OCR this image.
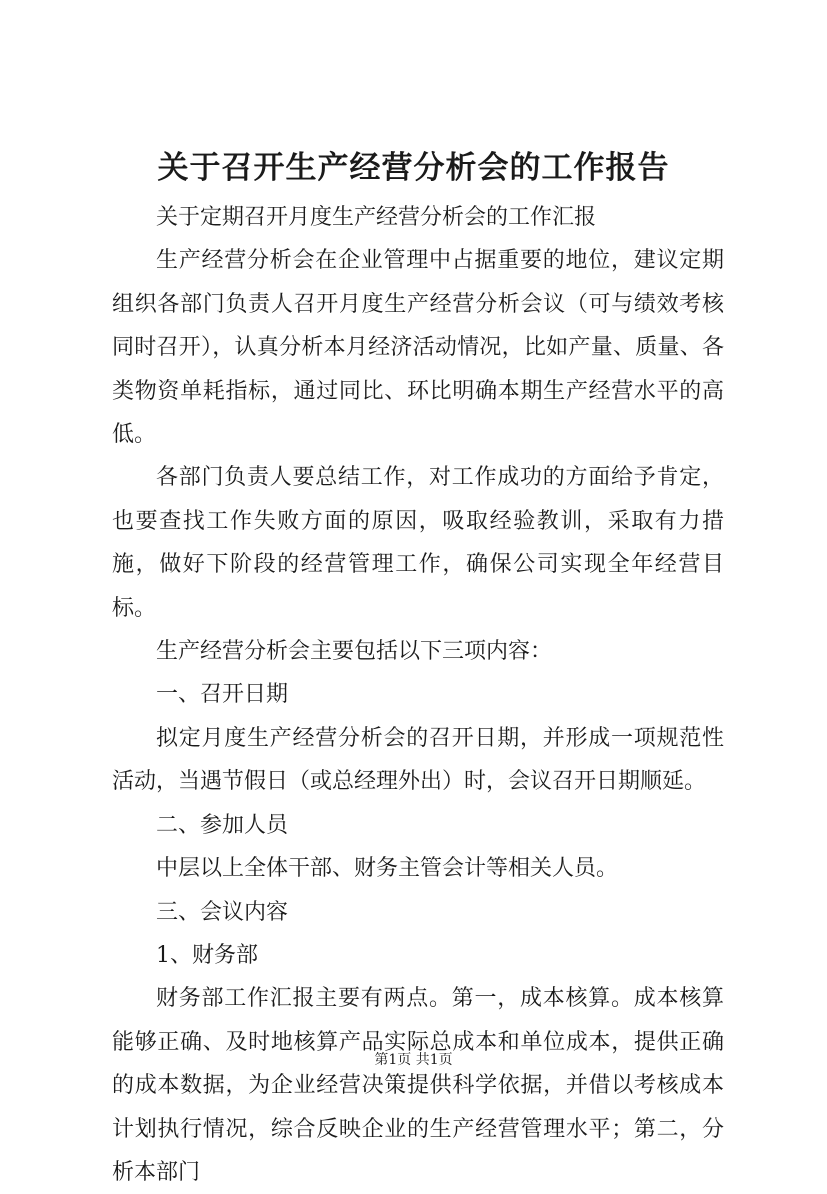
关于召开生产经营分析会的工作报告

关于定期召开月度生产经营分析会的工作汇报

生产经营分析会在企业管理中占据重要的地位，建议定期组织各部门负责人召开月度生产经营分析会议（可与绩效考核同时召开），认真分析本月经济活动情况，比如产量、质量、各类物资单耗指标，通过同比、环比明确本期生产经营水平的高低。

各部门负责人要总结工作，对工作成功的方面给予肯定，也要查找工作失败方面的原因，吸取经验教训，采取有力措施，做好下阶段的经营管理工作，确保公司实现全年经营目标。

生产经营分析会主要包括以下三项内容：

一、召开日期

拟定月度生产经营分析会的召开日期，并形成一项规范性活动，当遇节假日（或总经理外出）时，会议召开日期顺延。

二、参加人员

中层以上全体干部、财务主管会计等相关人员。

三、会议内容

1、财务部

财务部工作汇报主要有两点。第一，成本核算。成本核算能够正确、及时地核算产品实际总成本和单位成本，提供正确的成本数据，为企业经营决策提供科学依据，并借以考核成本计划执行情况，综合反映企业的生产经营管理水平；第二，分析本部门

第1页 共1页
